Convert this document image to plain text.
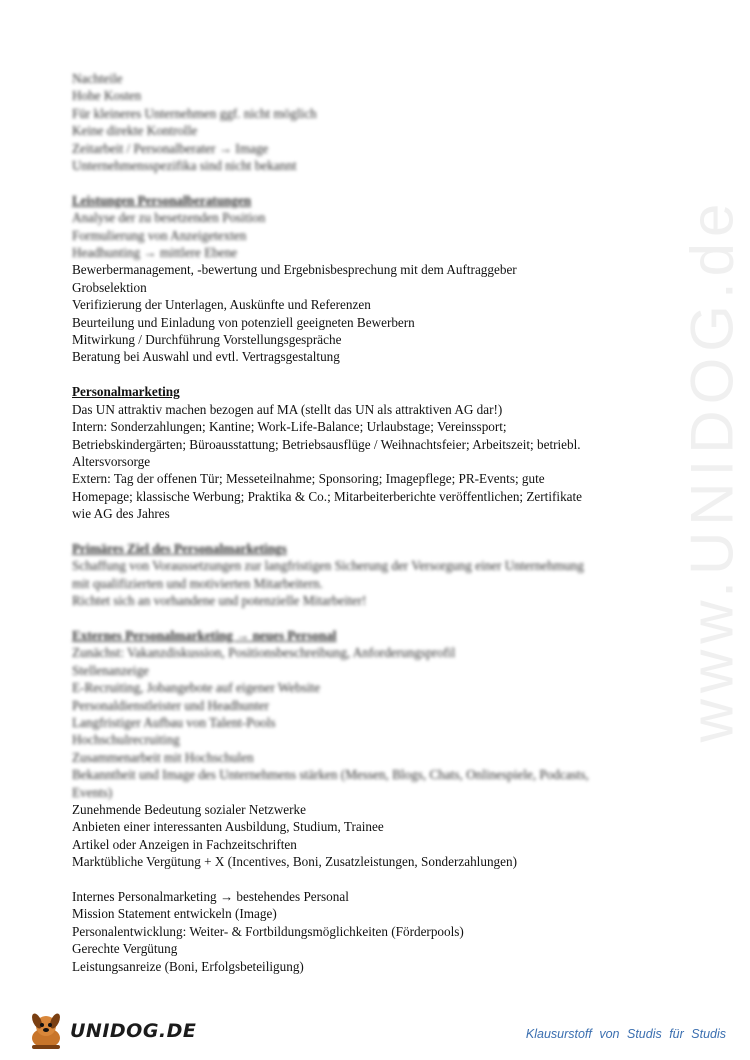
www.UNIDOG.de
Nachteile
Hohe Kosten
Für kleineres Unternehmen ggf. nicht möglich
Keine direkte Kontrolle
Zeitarbeit / Personalberater → Image
Unternehmensspezifika sind nicht bekannt
Leistungen Personalberatungen
Analyse der zu besetzenden Position
Formulierung von Anzeigetexten
Headhunting → mittlere Ebene
Bewerbermanagement, -bewertung und Ergebnisbesprechung mit dem Auftraggeber
Grobselektion
Verifizierung der Unterlagen, Auskünfte und Referenzen
Beurteilung und Einladung von potenziell geeigneten Bewerbern
Mitwirkung / Durchführung Vorstellungsgespräche
Beratung bei Auswahl und evtl. Vertragsgestaltung
Personalmarketing
Das UN attraktiv machen bezogen auf MA (stellt das UN als attraktiven AG dar!)
Intern: Sonderzahlungen; Kantine; Work-Life-Balance; Urlaubstage; Vereinssport;
Betriebskindergärten; Büroausstattung; Betriebsausflüge / Weihnachtsfeier; Arbeitszeit; betriebl.
Altersvorsorge
Extern: Tag der offenen Tür; Messeteilnahme; Sponsoring; Imagepflege; PR-Events; gute
Homepage; klassische Werbung; Praktika & Co.; Mitarbeiterberichte veröffentlichen; Zertifikate
wie AG des Jahres
Primäres Ziel des Personalmarketings
Schaffung von Voraussetzungen zur langfristigen Sicherung der Versorgung einer Unternehmung
mit qualifizierten und motivierten Mitarbeitern.
Richtet sich an vorhandene und potenzielle Mitarbeiter!
Externes Personalmarketing → neues Personal
Zunächst: Vakanzdiskussion, Positionsbeschreibung, Anforderungsprofil
Stellenanzeige
E-Recruiting, Jobangebote auf eigener Website
Personaldienstleister und Headhunter
Langfristiger Aufbau von Talent-Pools
Hochschulrecruiting
Zusammenarbeit mit Hochschulen
Bekanntheit und Image des Unternehmens stärken (Messen, Blogs, Chats, Onlinespiele, Podcasts,
Events)
Zunehmende Bedeutung sozialer Netzwerke
Anbieten einer interessanten Ausbildung, Studium, Trainee
Artikel oder Anzeigen in Fachzeitschriften
Marktübliche Vergütung + X (Incentives, Boni, Zusatzleistungen, Sonderzahlungen)
Internes Personalmarketing → bestehendes Personal
Mission Statement entwickeln (Image)
Personalentwicklung: Weiter- & Fortbildungsmöglichkeiten (Förderpools)
Gerechte Vergütung
Leistungsanreize (Boni, Erfolgsbeteiligung)
UNIDOG.DE	Klausurstoff von Studis für Studis
